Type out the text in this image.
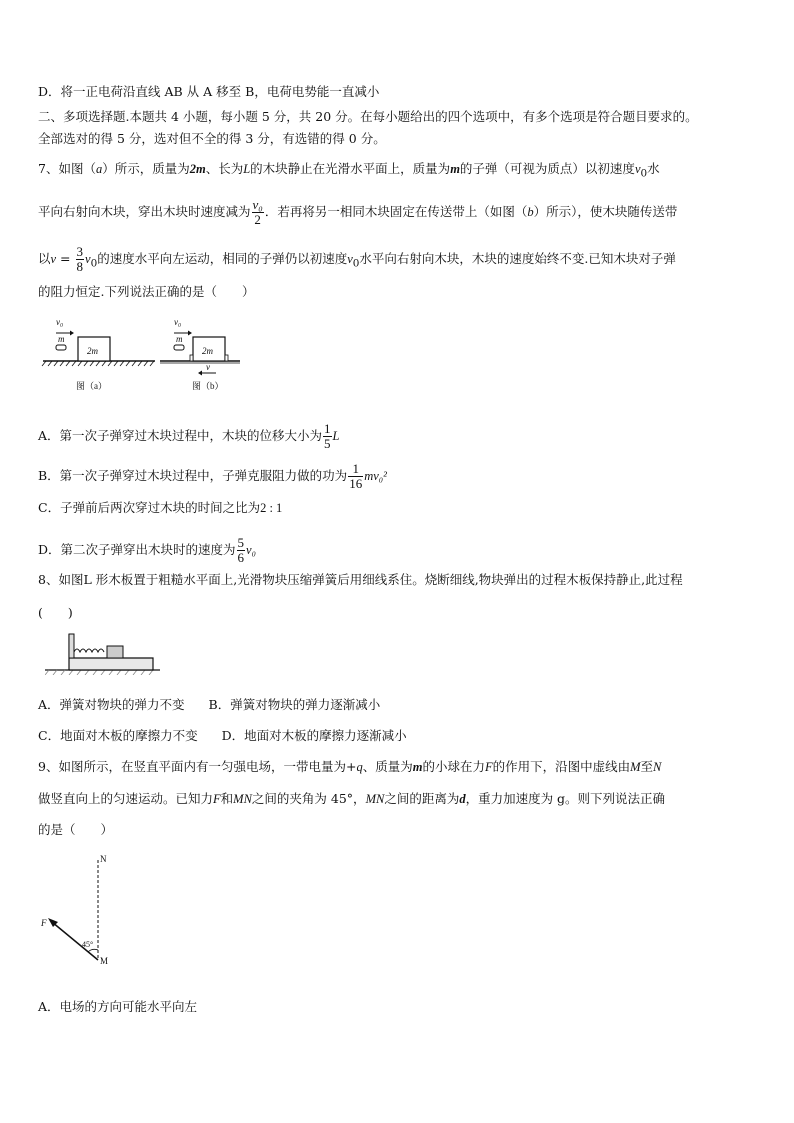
D．将一正电荷沿直线 AB 从 A 移至 B，电荷电势能一直减小
二、多项选择题.本题共 4 小题，每小题 5 分，共 20 分。在每小题给出的四个选项中，有多个选项是符合题目要求的。
全部选对的得 5 分，选对但不全的得 3 分，有选错的得 0 分。
7、如图（a）所示，质量为2m、长为L的木块静止在光滑水平面上，质量为m的子弹（可视为质点）以初速度$v_0$水
平向右射向木块，穿出木块时速度减为 $\frac{\text{v₀}}{2}$ ．若再将另一相同木块固定在传送带上（如图（b）所示），使木块随传送带
以$v = \frac{3}{8} v_0$的速度水平向左运动，相同的子弹仍以初速度$v_0$水平向右射向木块，木块的速度始终不变.已知木块对子弹
的阻力恒定.下列说法正确的是（　　）
v₀
m
2m
v₀
m
2m
v
图（a）	图（b）
A．第一次子弹穿过木块过程中，木块的位移大小为 $\frac{1}{5}$ L
B．第一次子弹穿过木块过程中，子弹克服阻力做的功为 $\frac{1}{16} mv_0^2$
C．子弹前后两次穿过木块的时间之比为2 : 1
D．第二次子弹穿出木块时的速度为 $\frac{5}{6} v_0$
8、如图L 形木板置于粗糙水平面上,光滑物块压缩弹簧后用细线系住。烧断细线,物块弹出的过程木板保持静止,此过程
(　　)
A．弹簧对物块的弹力不变 B．弹簧对物块的弹力逐渐减小
C．地面对木板的摩擦力不变 D．地面对木板的摩擦力逐渐减小
9、如图所示，在竖直平面内有一匀强电场，一带电量为+q、质量为m的小球在力F的作用下，沿图中虚线由M至N
做竖直向上的匀速运动。已知力F和MN之间的夹角为 45°，MN之间的距离为d，重力加速度为 g。则下列说法正确
的是（　　）
N
M
F
45°
A．电场的方向可能水平向左
